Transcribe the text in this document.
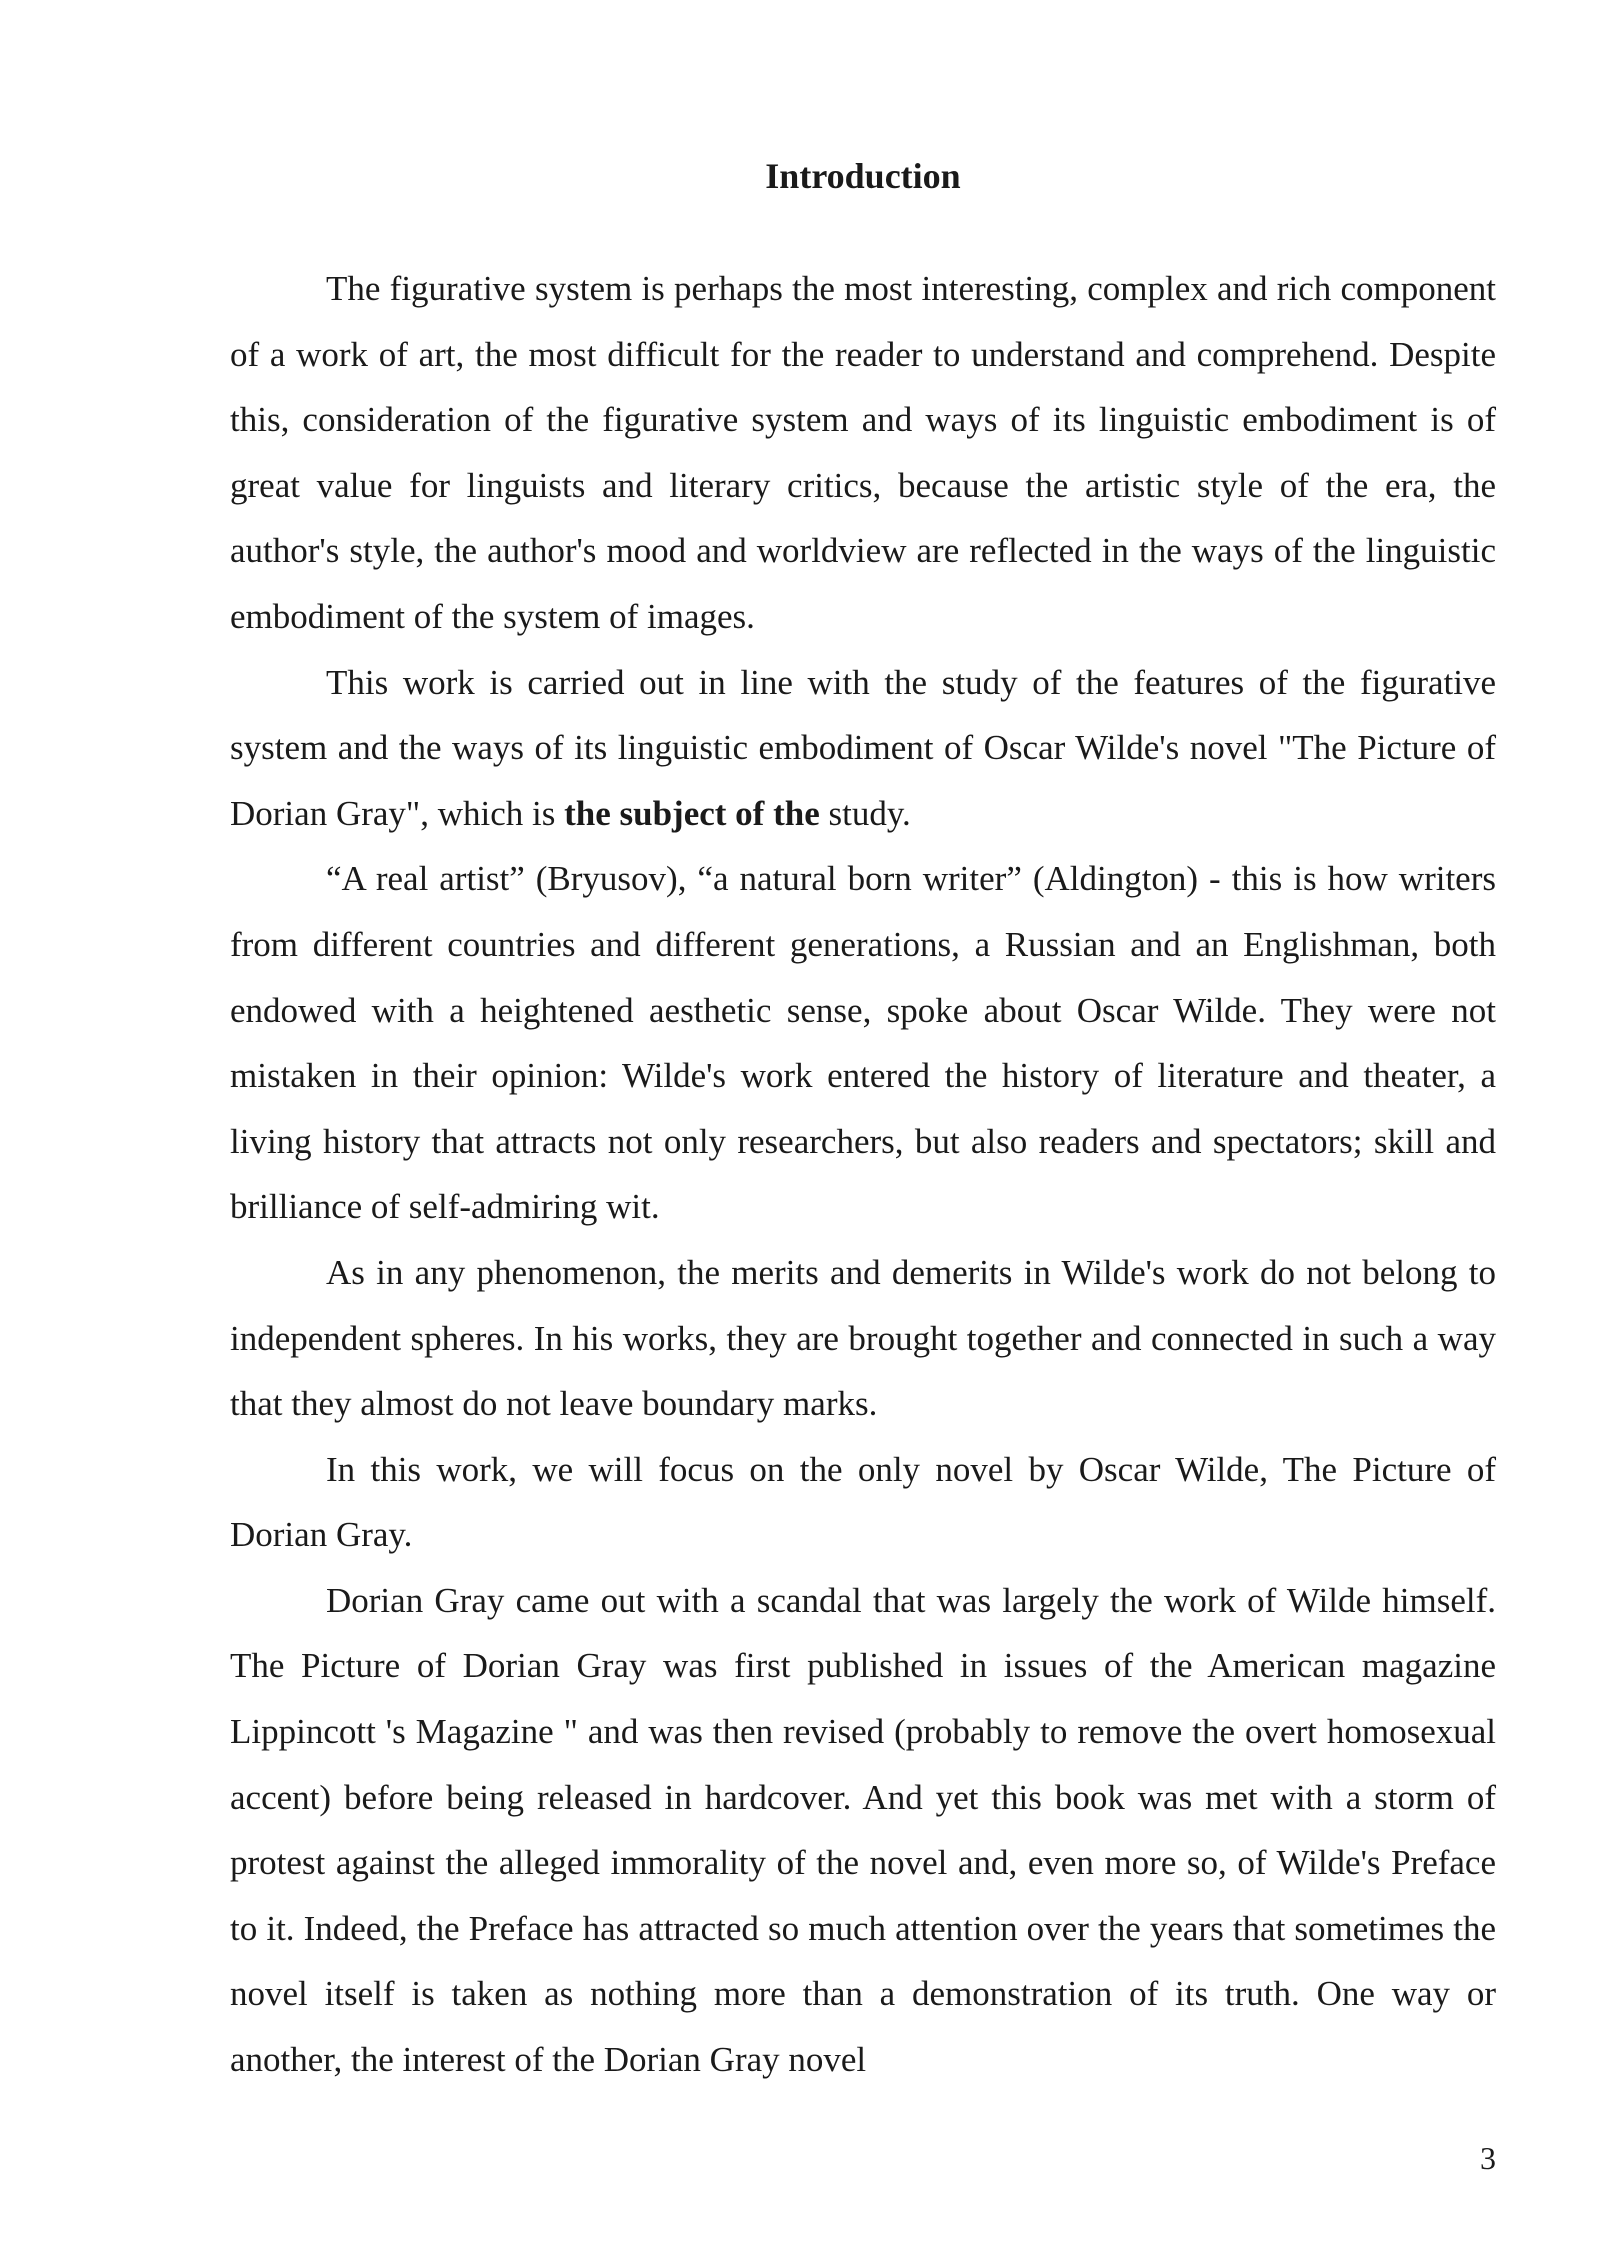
Introduction

The figurative system is perhaps the most interesting, complex and rich component of a work of art, the most difficult for the reader to understand and comprehend. Despite this, consideration of the figurative system and ways of its linguistic embodiment is of great value for linguists and literary critics, because the artistic style of the era, the author's style, the author's mood and worldview are reflected in the ways of the linguistic embodiment of the system of images.

This work is carried out in line with the study of the features of the figurative system and the ways of its linguistic embodiment of Oscar Wilde's novel "The Picture of Dorian Gray", which is the subject of the study.

“A real artist” (Bryusov), “a natural born writer” (Aldington) - this is how writers from different countries and different generations, a Russian and an Englishman, both endowed with a heightened aesthetic sense, spoke about Oscar Wilde. They were not mistaken in their opinion: Wilde's work entered the history of literature and theater, a living history that attracts not only researchers, but also readers and spectators; skill and brilliance of self-admiring wit.

As in any phenomenon, the merits and demerits in Wilde's work do not belong to independent spheres. In his works, they are brought together and connected in such a way that they almost do not leave boundary marks.

In this work, we will focus on the only novel by Oscar Wilde, The Picture of Dorian Gray.

Dorian Gray came out with a scandal that was largely the work of Wilde himself. The Picture of Dorian Gray was first published in issues of the American magazine Lippincott 's Magazine " and was then revised (probably to remove the overt homosexual accent) before being released in hardcover. And yet this book was met with a storm of protest against the alleged immorality of the novel and, even more so, of Wilde's Preface to it. Indeed, the Preface has attracted so much attention over the years that sometimes the novel itself is taken as nothing more than a demonstration of its truth. One way or another, the interest of the Dorian Gray novel

3
